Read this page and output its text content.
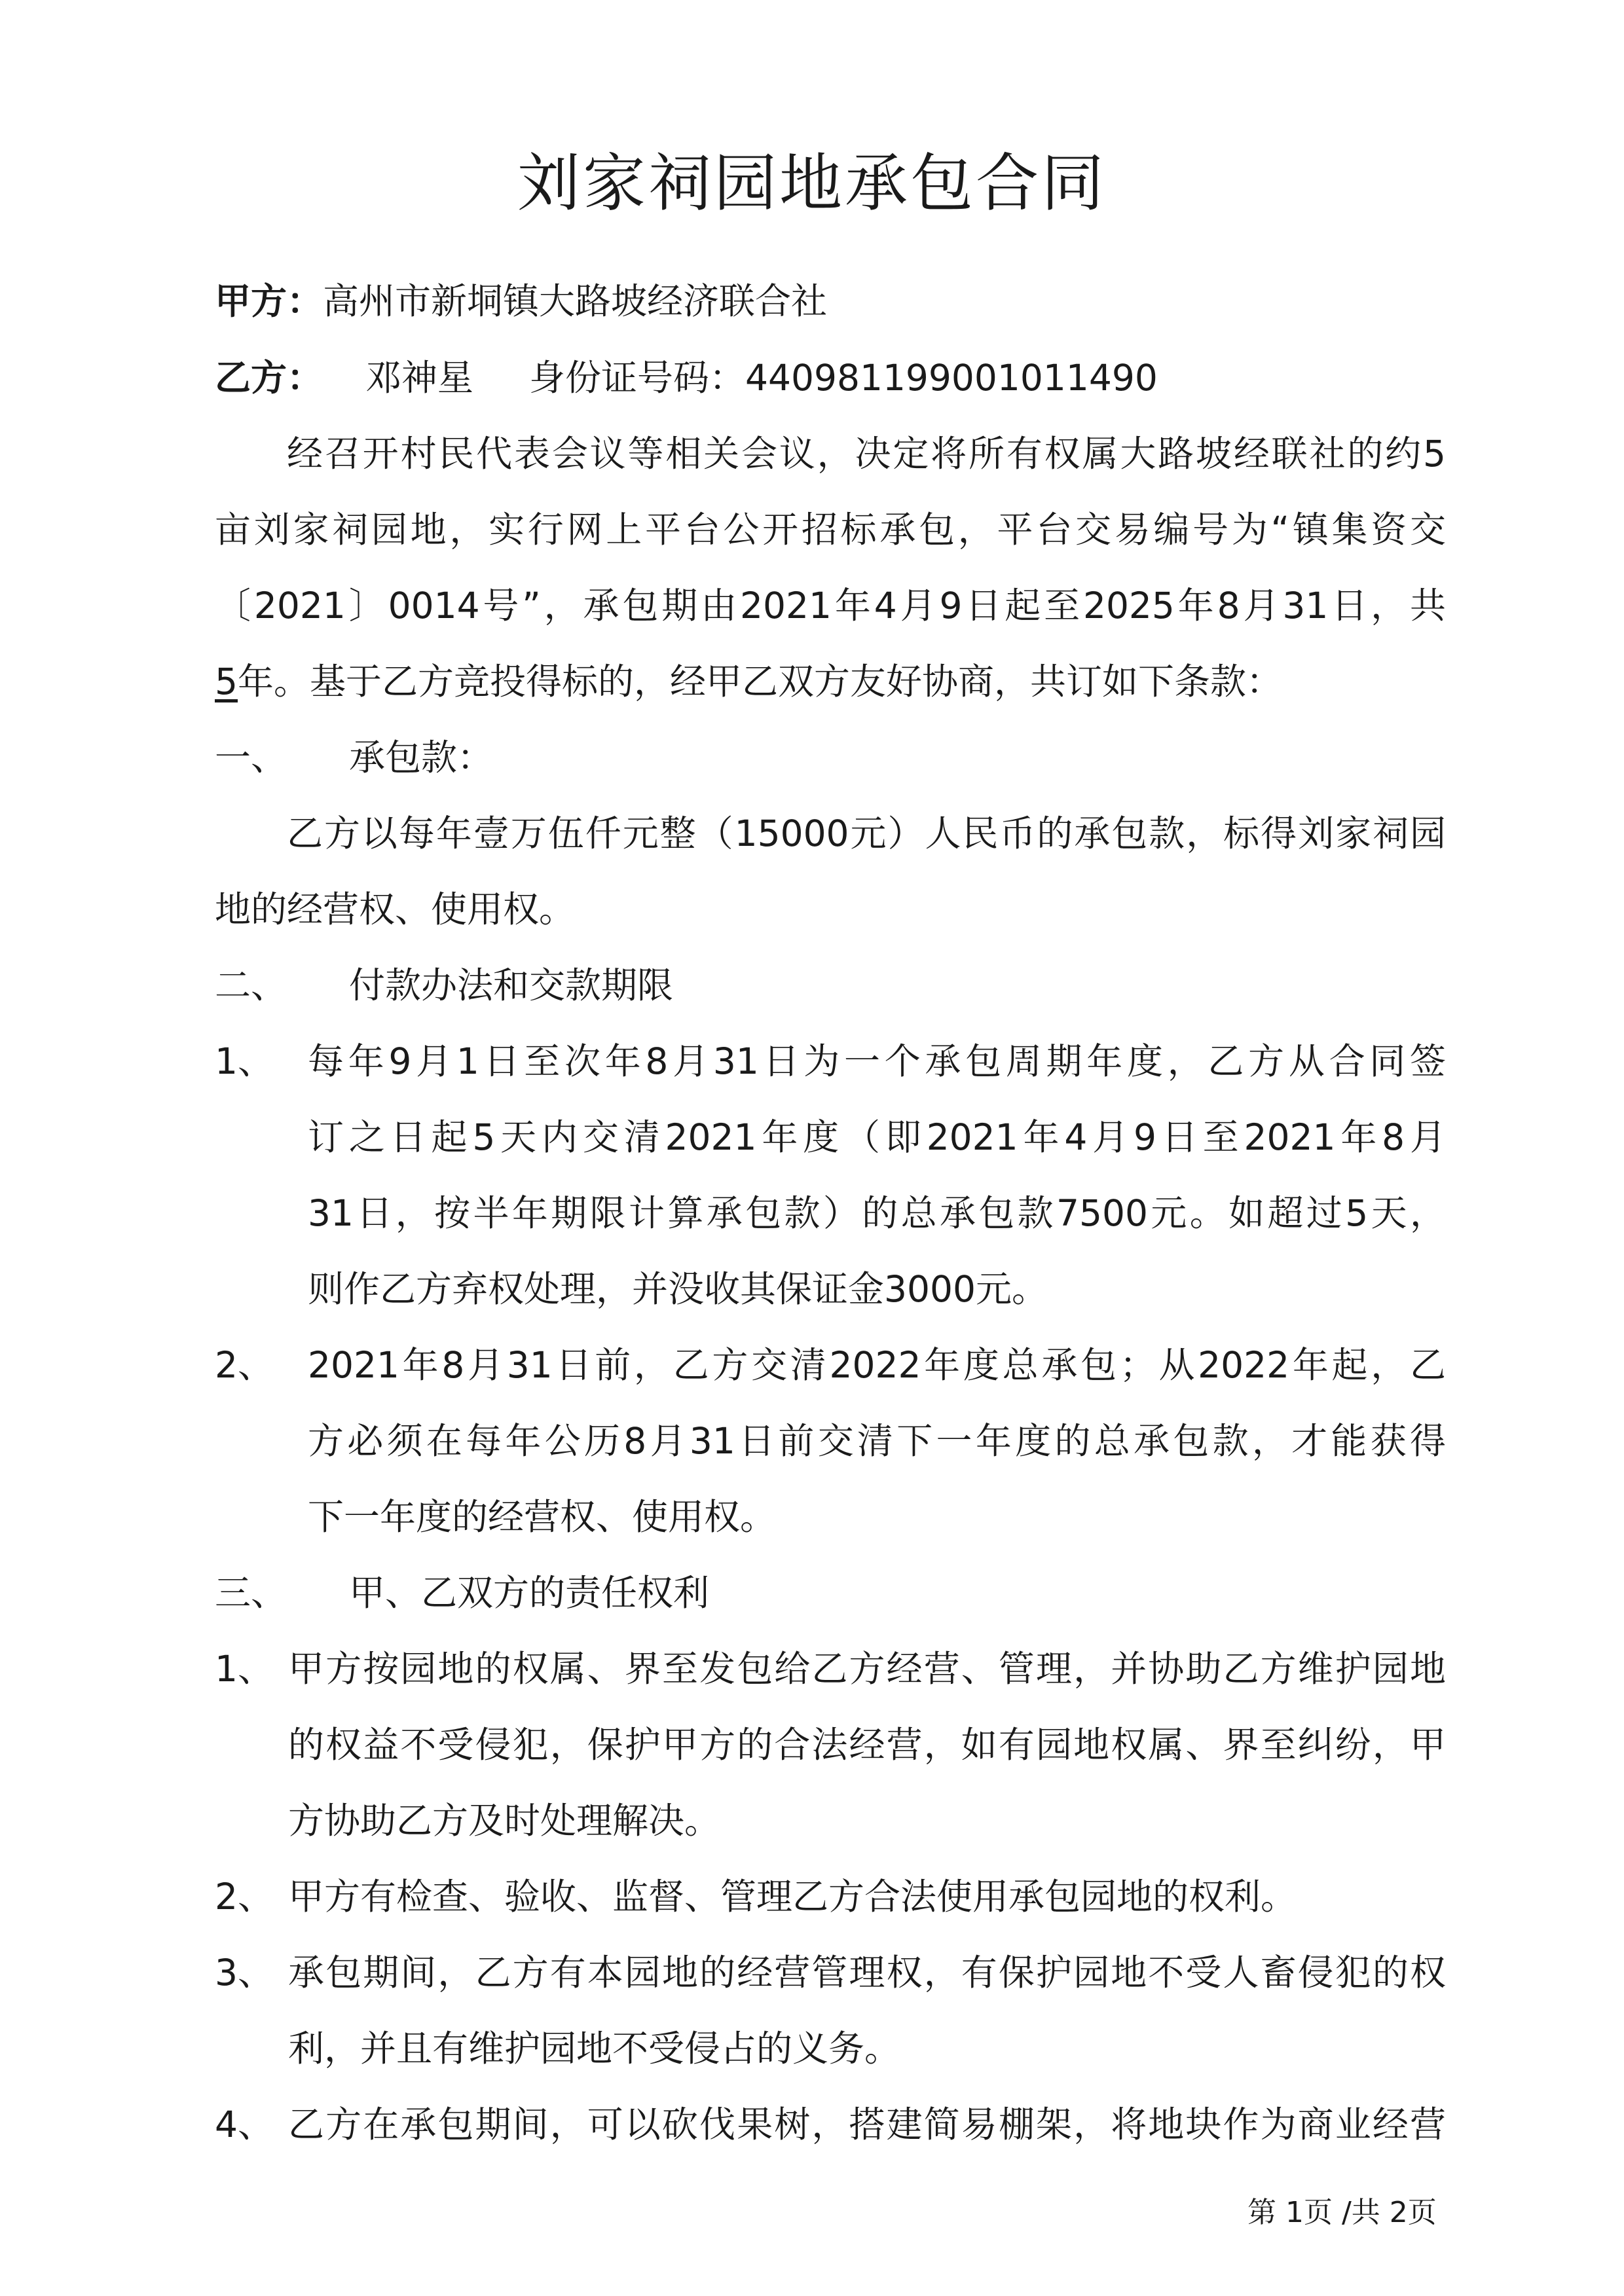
刘家祠园地承包合同
甲方：高州市新垌镇大路坡经济联合社
乙方： 邓神星 身份证号码：440981199001011490
经召开村民代表会议等相关会议，决定将所有权属大路坡经联社的约5
亩刘家祠园地，实行网上平台公开招标承包，平台交易编号为“镇集资交
〔2021〕0014号”，承包期由2021年4月9日起至2025年8月31日，共
5年。基于乙方竞投得标的，经甲乙双方友好协商，共订如下条款：
一、 承包款：
乙方以每年壹万伍仟元整（15000元）人民币的承包款，标得刘家祠园
地的经营权、使用权。
二、 付款办法和交款期限
1、 每年9月1日至次年8月31日为一个承包周期年度，乙方从合同签
订之日起5天内交清2021年度（即2021年4月9日至2021年8月
31日，按半年期限计算承包款）的总承包款7500元。如超过5天，
则作乙方弃权处理，并没收其保证金3000元。
2、 2021年8月31日前，乙方交清2022年度总承包；从2022年起，乙
方必须在每年公历8月31日前交清下一年度的总承包款，才能获得
下一年度的经营权、使用权。
三、 甲、乙双方的责任权利
1、 甲方按园地的权属、界至发包给乙方经营、管理，并协助乙方维护园地
的权益不受侵犯，保护甲方的合法经营，如有园地权属、界至纠纷，甲
方协助乙方及时处理解决。
2、 甲方有检查、验收、监督、管理乙方合法使用承包园地的权利。
3、 承包期间，乙方有本园地的经营管理权，有保护园地不受人畜侵犯的权
利，并且有维护园地不受侵占的义务。
4、 乙方在承包期间，可以砍伐果树，搭建简易棚架，将地块作为商业经营
第 1页 /共 2页
